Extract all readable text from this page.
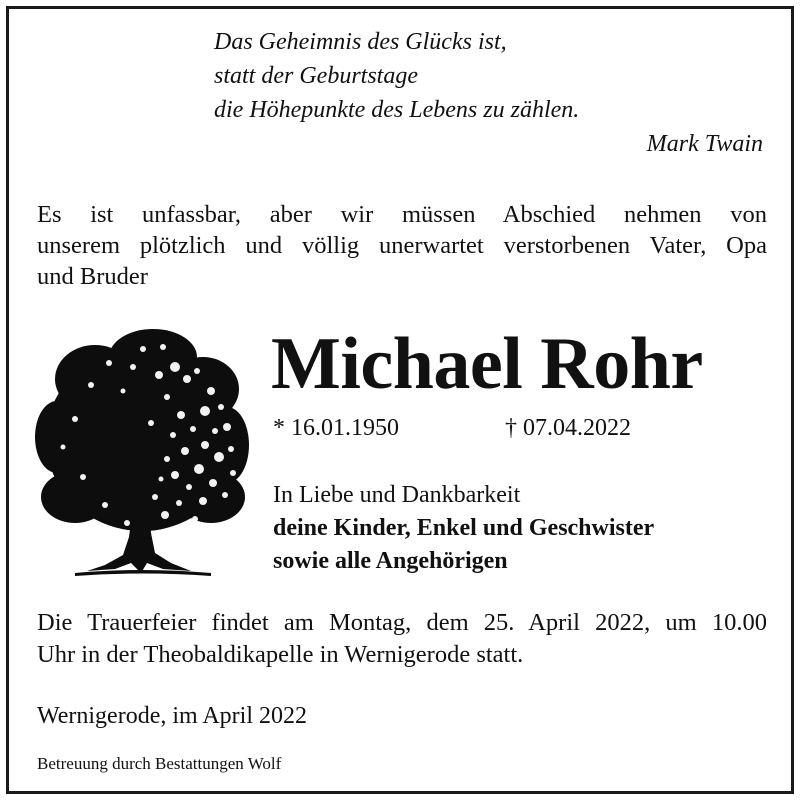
Das Geheimnis des Glücks ist,
statt der Geburtstage
die Höhepunkte des Lebens zu zählen.
Mark Twain
Es ist unfassbar, aber wir müssen Abschied nehmen von
unserem plötzlich und völlig unerwartet verstorbenen Vater, Opa
und Bruder
Michael Rohr
* 16.01.1950	† 07.04.2022
In Liebe und Dankbarkeit
deine Kinder, Enkel und Geschwister
sowie alle Angehörigen
Die Trauerfeier findet am Montag, dem 25. April 2022, um 10.00
Uhr in der Theobaldikapelle in Wernigerode statt.
Wernigerode, im April 2022
Betreuung durch Bestattungen Wolf
